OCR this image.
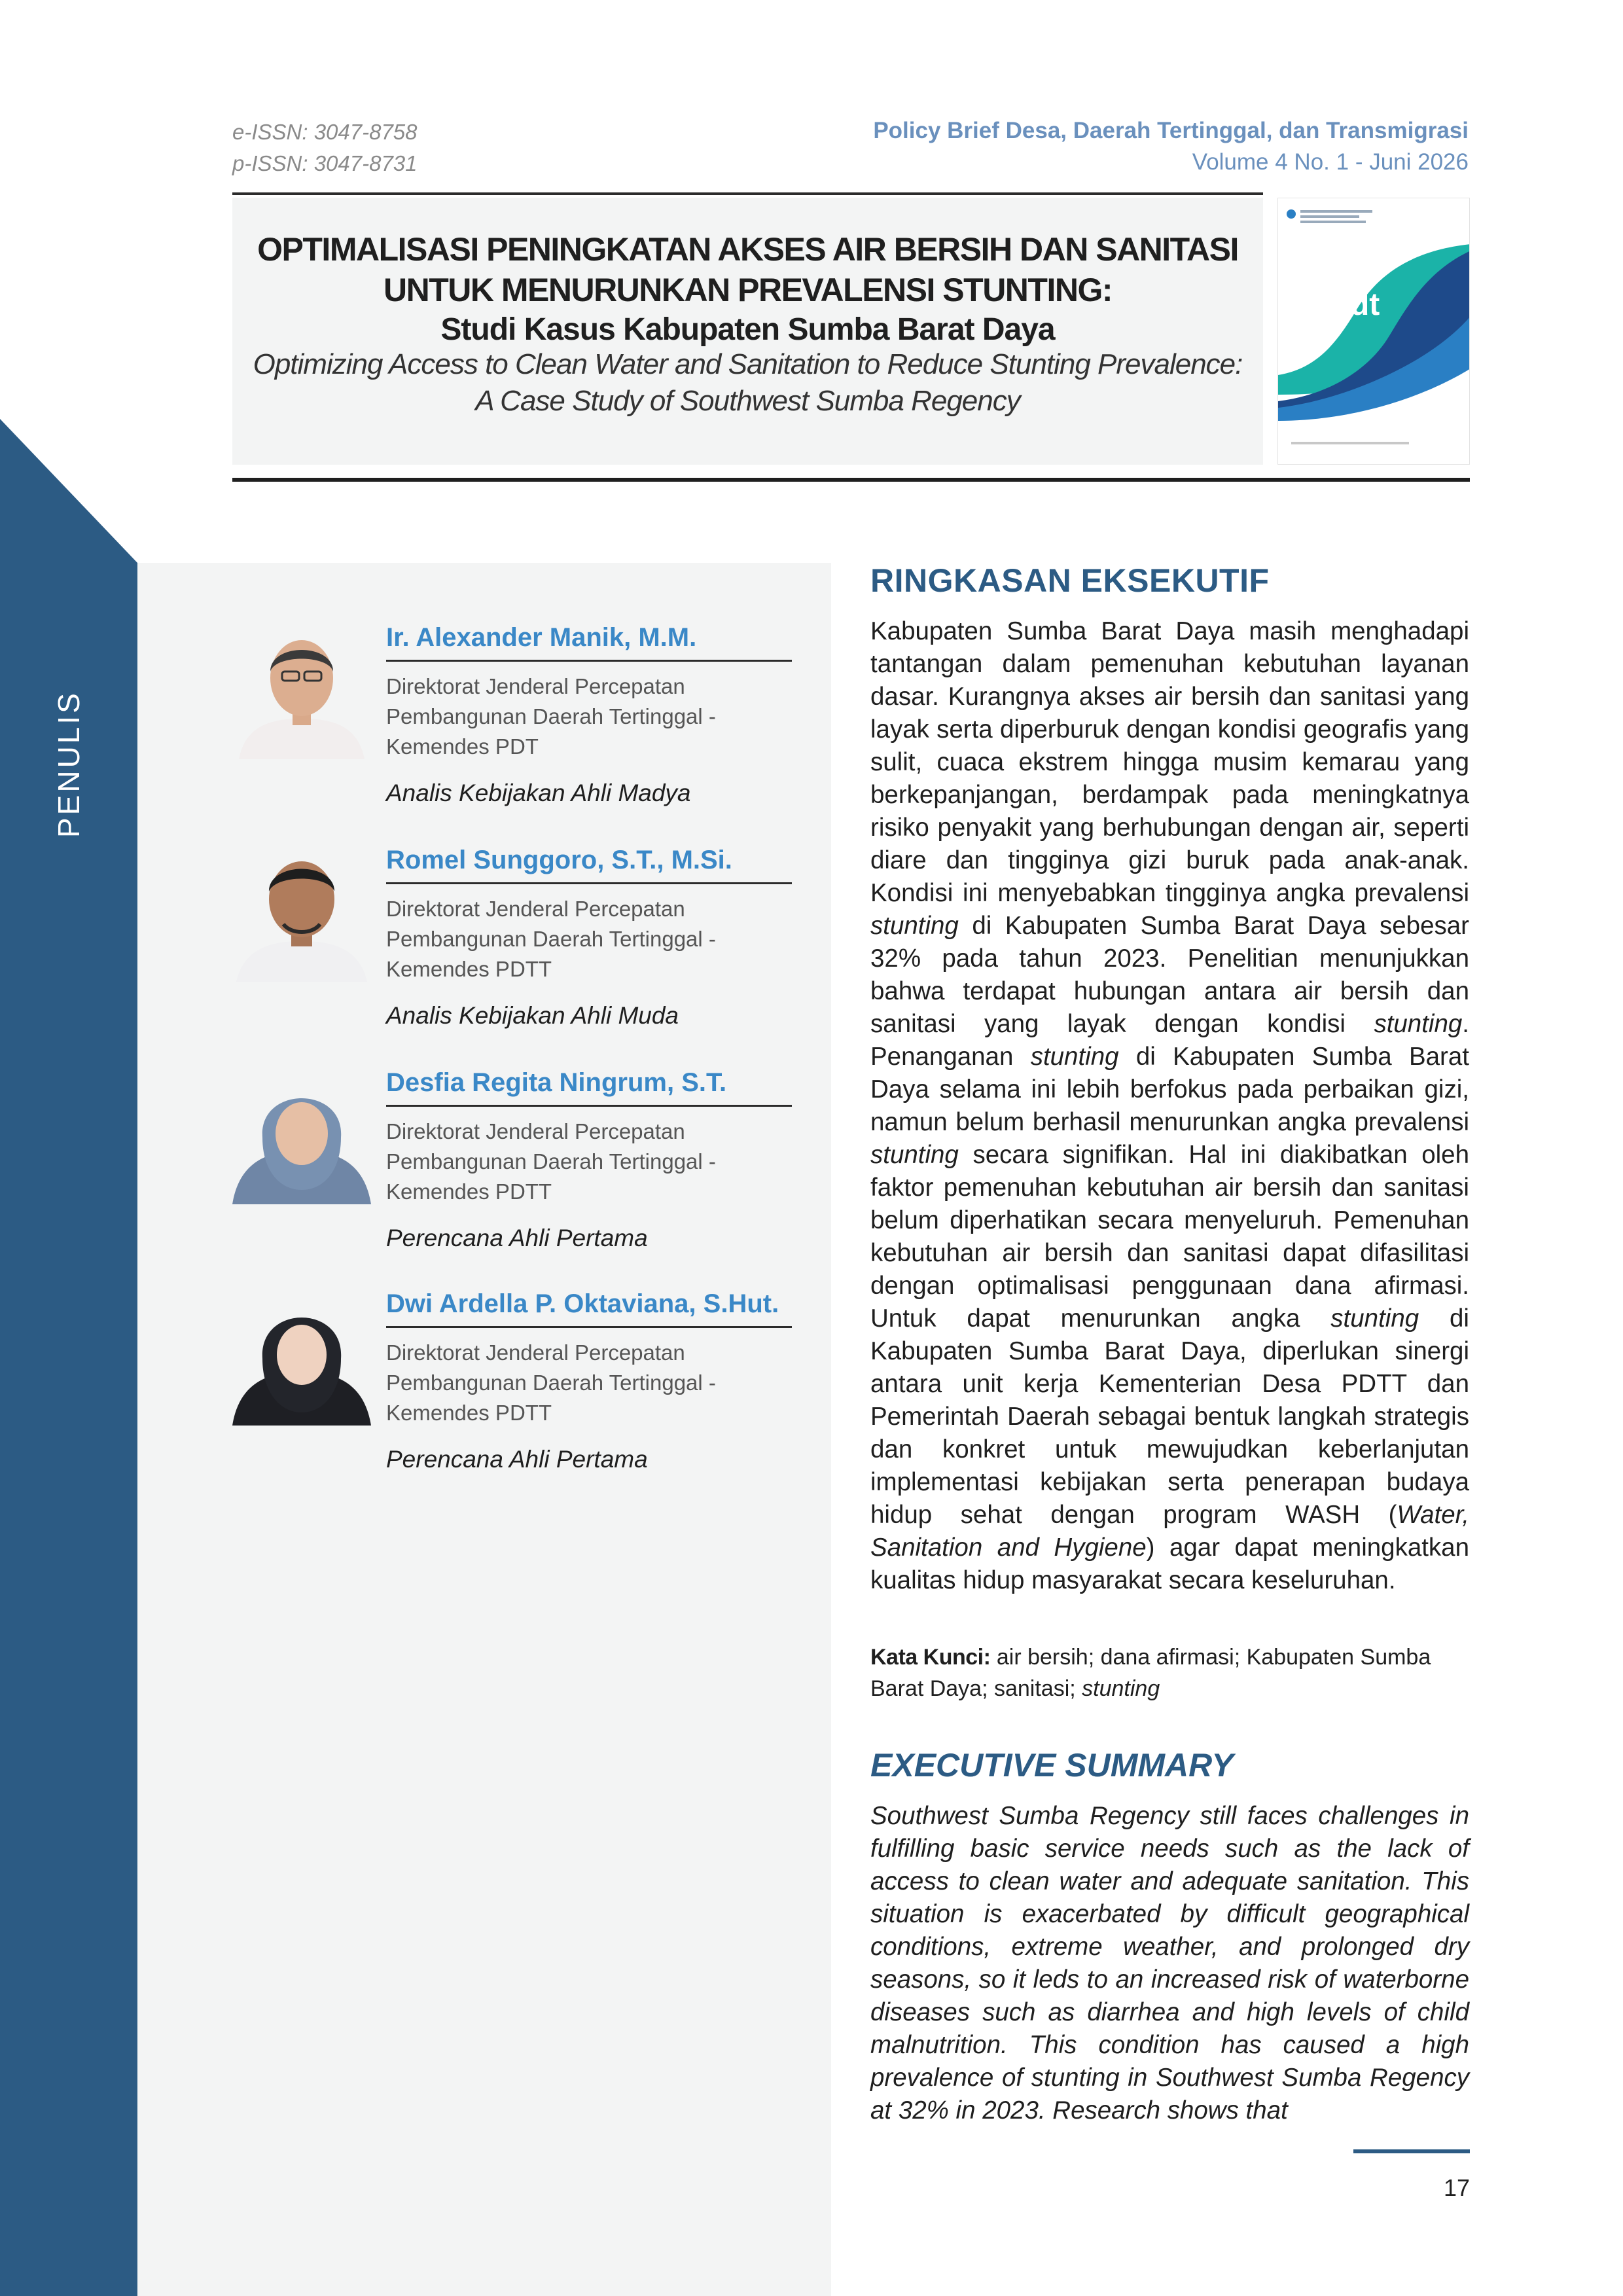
e-ISSN: 3047-8758
p-ISSN: 3047-8731
Policy Brief Desa, Daerah Tertinggal, dan Transmigrasi
Volume 4 No. 1 - Juni 2026
OPTIMALISASI PENINGKATAN AKSES AIR BERSIH DAN SANITASI
UNTUK MENURUNKAN PREVALENSI STUNTING:
Studi Kasus Kabupaten Sumba Barat Daya
Optimizing Access to Clean Water and Sanitation to Reduce Stunting Prevalence:
A Case Study of Southwest Sumba Regency
pbddt
PENULIS
Ir. Alexander Manik, M.M.
Direktorat Jenderal Percepatan Pembangunan Daerah Tertinggal - Kemendes PDT
Analis Kebijakan Ahli Madya
Romel Sunggoro, S.T., M.Si.
Direktorat Jenderal Percepatan Pembangunan Daerah Tertinggal - Kemendes PDTT
Analis Kebijakan Ahli Muda
Desfia Regita Ningrum, S.T.
Direktorat Jenderal Percepatan Pembangunan Daerah Tertinggal - Kemendes PDTT
Perencana Ahli Pertama
Dwi Ardella P. Oktaviana, S.Hut.
Direktorat Jenderal Percepatan Pembangunan Daerah Tertinggal - Kemendes PDTT
Perencana Ahli Pertama
RINGKASAN EKSEKUTIF
Kabupaten Sumba Barat Daya masih menghadapi tantangan dalam pemenuhan kebutuhan layanan dasar. Kurangnya akses air bersih dan sanitasi yang layak serta diperburuk dengan kondisi geografis yang sulit, cuaca ekstrem hingga musim kemarau yang berkepanjangan, berdampak pada meningkatnya risiko penyakit yang berhubungan dengan air, seperti diare dan tingginya gizi buruk pada anak-anak. Kondisi ini menyebabkan tingginya angka prevalensi stunting di Kabupaten Sumba Barat Daya sebesar 32% pada tahun 2023. Penelitian menunjukkan bahwa terdapat hubungan antara air bersih dan sanitasi yang layak dengan kondisi stunting. Penanganan stunting di Kabupaten Sumba Barat Daya selama ini lebih berfokus pada perbaikan gizi, namun belum berhasil menurunkan angka prevalensi stunting secara signifikan. Hal ini diakibatkan oleh faktor pemenuhan kebutuhan air bersih dan sanitasi belum diperhatikan secara menyeluruh. Pemenuhan kebutuhan air bersih dan sanitasi dapat difasilitasi dengan optimalisasi penggunaan dana afirmasi. Untuk dapat menurunkan angka stunting di Kabupaten Sumba Barat Daya, diperlukan sinergi antara unit kerja Kementerian Desa PDTT dan Pemerintah Daerah sebagai bentuk langkah strategis dan konkret untuk mewujudkan keberlanjutan implementasi kebijakan serta penerapan budaya hidup sehat dengan program WASH (Water, Sanitation and Hygiene) agar dapat meningkatkan kualitas hidup masyarakat secara keseluruhan.
Kata Kunci: air bersih; dana afirmasi; Kabupaten Sumba Barat Daya; sanitasi; stunting
EXECUTIVE SUMMARY
Southwest Sumba Regency still faces challenges in fulfilling basic service needs such as the lack of access to clean water and adequate sanitation. This situation is exacerbated by difficult geographical conditions, extreme weather, and prolonged dry seasons, so it leds to an increased risk of waterborne diseases such as diarrhea and high levels of child malnutrition. This condition has caused a high prevalence of stunting in Southwest Sumba Regency at 32% in 2023. Research shows that
17
